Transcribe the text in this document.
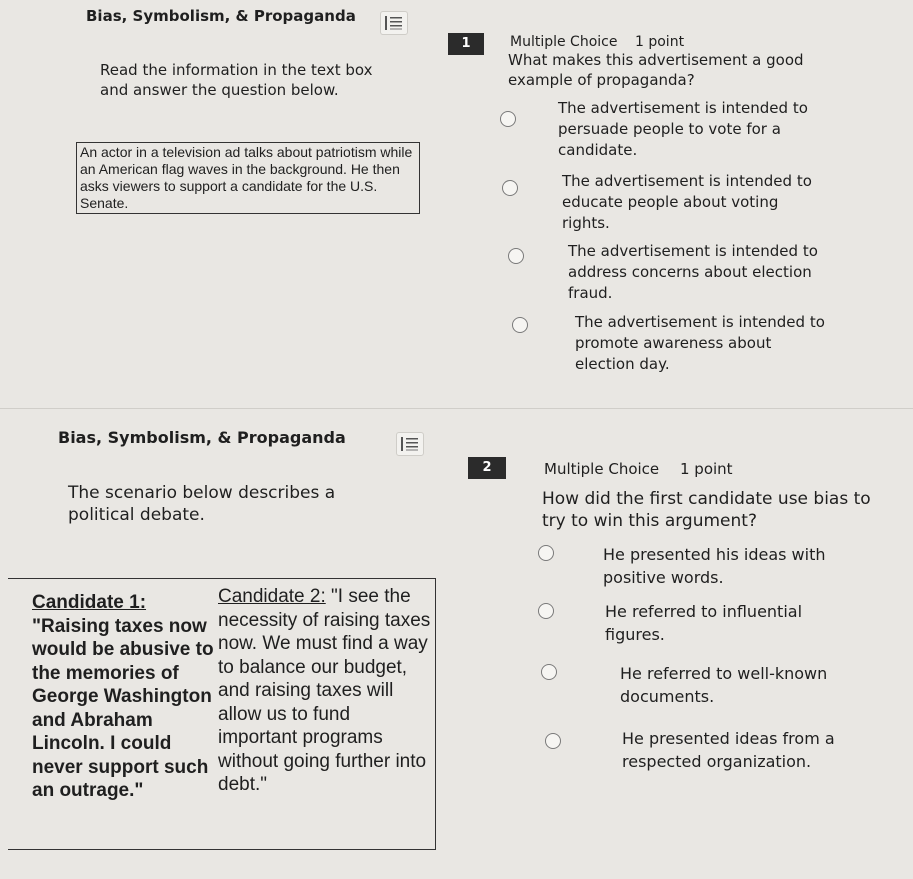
Bias, Symbolism, & Propaganda
1	Multiple Choice 1 point
Read the information in the text box and answer the question below.
What makes this advertisement a good example of propaganda?
An actor in a television ad talks about patriotism while an American flag waves in the background. He then asks viewers to support a candidate for the U.S. Senate.
The advertisement is intended to persuade people to vote for a candidate.
The advertisement is intended to educate people about voting rights.
The advertisement is intended to address concerns about election fraud.
The advertisement is intended to promote awareness about election day.
Bias, Symbolism, & Propaganda
2	Multiple Choice 1 point
The scenario below describes a political debate.
How did the first candidate use bias to try to win this argument?
Candidate 1:
"Raising taxes now would be abusive to the memories of George Washington and Abraham Lincoln. I could never support such an outrage."
Candidate 2: "I see the necessity of raising taxes now. We must find a way to balance our budget, and raising taxes will allow us to fund important programs without going further into debt."
He presented his ideas with positive words.
He referred to influential figures.
He referred to well-known documents.
He presented ideas from a respected organization.
